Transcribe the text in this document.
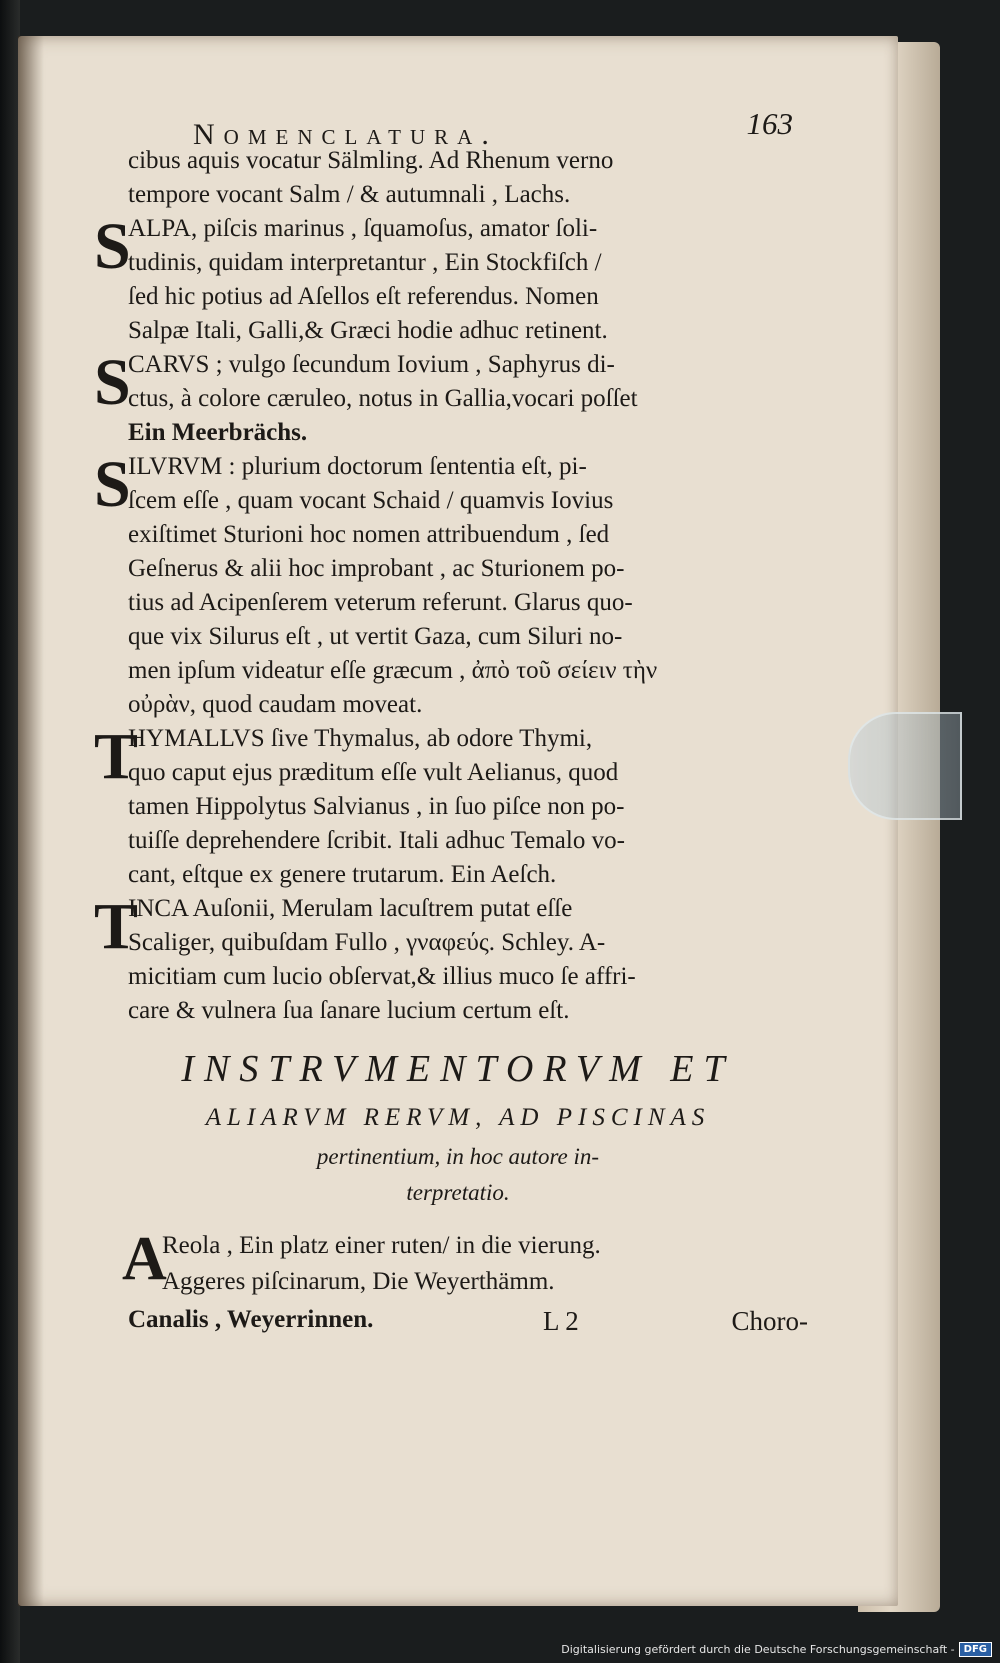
Nomenclatura.	163
cibus aquis vocatur Sälmling. Ad Rhenum verno
tempore vocant Salm / & autumnali , Lachs.
S
ALPA, piſcis marinus , ſquamoſus, amator ſoli-
tudinis, quidam interpretantur , Ein Stockfiſch /
ſed hic potius ad Aſellos eſt referendus. Nomen
Salpæ Itali, Galli,& Græci hodie adhuc retinent.
S
CARVS ; vulgo ſecundum Iovium , Saphyrus di-
ctus, à colore cæruleo, notus in Gallia,vocari poſſet
Ein Meerbrächs.
S
ILVRVM : plurium doctorum ſententia eſt, pi-
ſcem eſſe , quam vocant Schaid / quamvis Iovius
exiſtimet Sturioni hoc nomen attribuendum , ſed
Geſnerus & alii hoc improbant , ac Sturionem po-
tius ad Acipenſerem veterum referunt. Glarus quo-
que vix Silurus eſt , ut vertit Gaza, cum Siluri no-
men ipſum videatur eſſe græcum , ἀπὸ τοῦ σείειν τὴν
οὐρὰν, quod caudam moveat.
T
HYMALLVS ſive Thymalus, ab odore Thymi,
quo caput ejus præditum eſſe vult Aelianus, quod
tamen Hippolytus Salvianus , in ſuo piſce non po-
tuiſſe deprehendere ſcribit. Itali adhuc Temalo vo-
cant, eſtque ex genere trutarum. Ein Aeſch.
T
INCA Auſonii, Merulam lacuſtrem putat eſſe
Scaliger, quibuſdam Fullo , γναφεύς. Schley. A-
micitiam cum lucio obſervat,& illius muco ſe affri-
care & vulnera ſua ſanare lucium certum eſt.
INSTRVMENTORVM ET
ALIARVM RERVM, AD PISCINAS
pertinentium, in hoc autore in-
terpretatio.
A
Reola , Ein platz einer ruten/ in die vierung.
Aggeres piſcinarum, Die Weyerthämm.
Canalis , Weyerrinnen.	L 2	Choro-
Digitalisierung gefördert durch die Deutsche Forschungsgemeinschaft - DFG
